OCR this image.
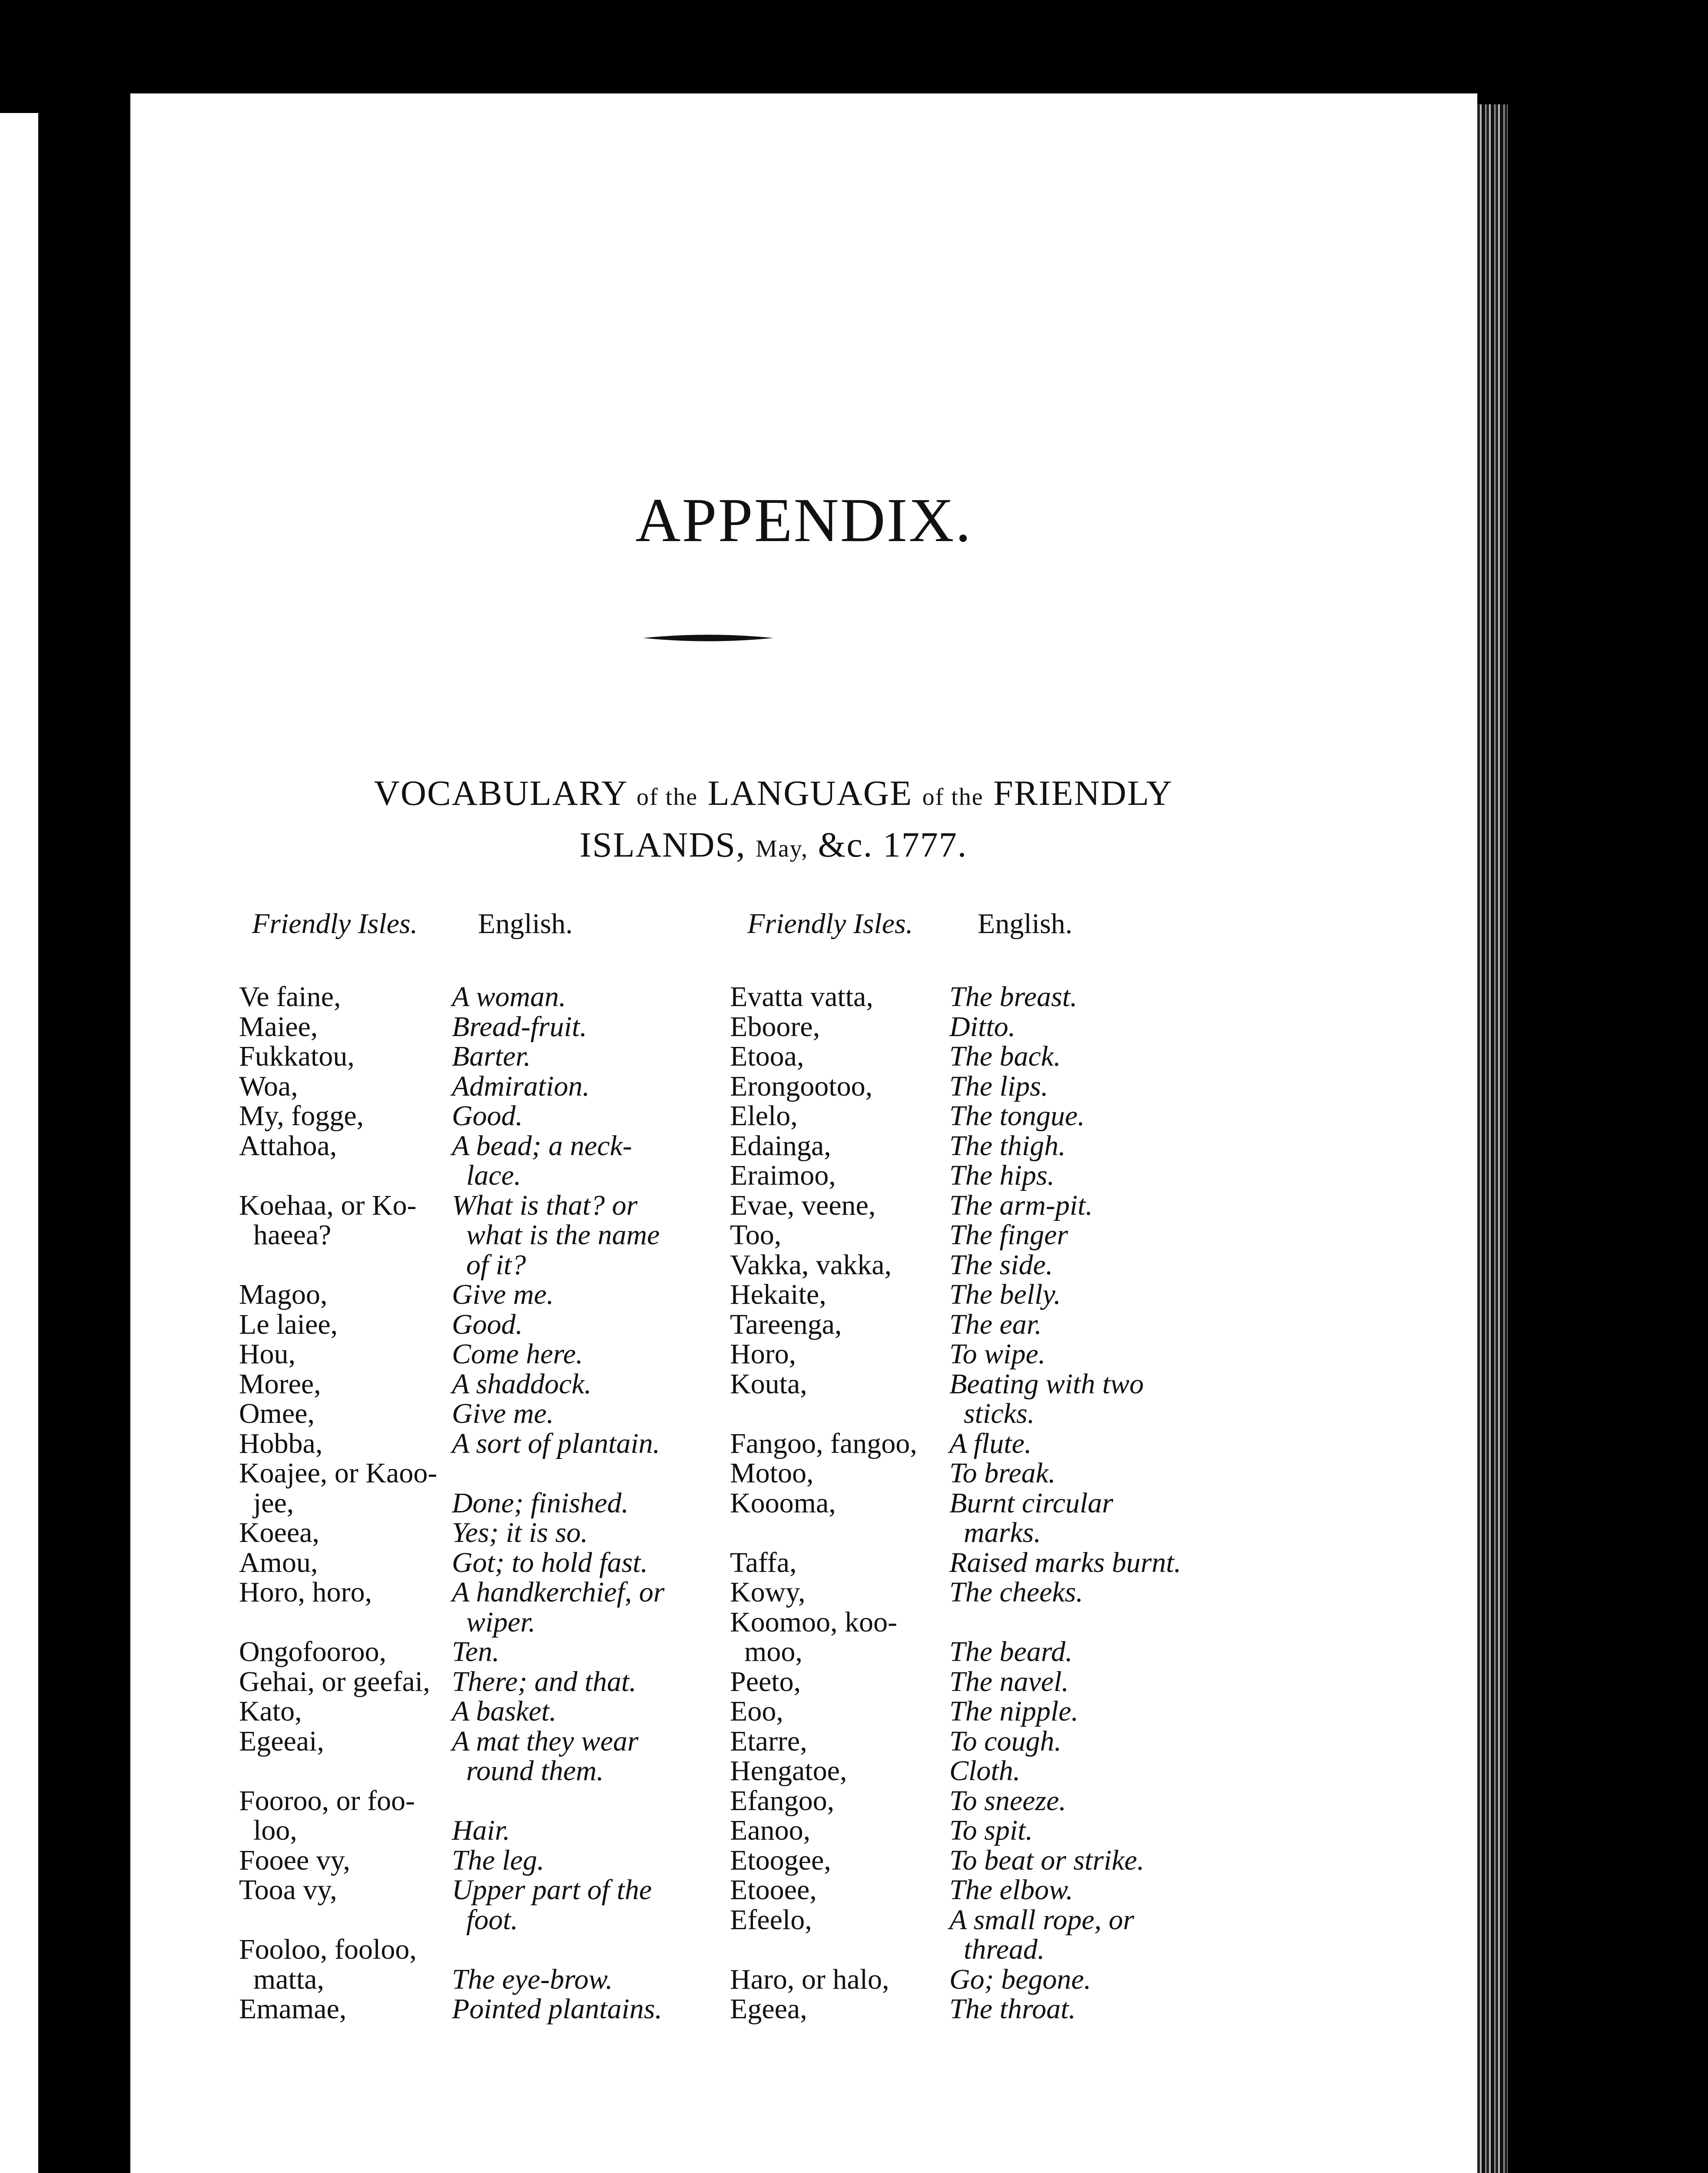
APPENDIX.
VOCABULARY of the LANGUAGE of the FRIENDLY
ISLANDS, May, &c. 1777.
Friendly Isles. English.	Friendly Isles. English.
Ve faine,
Maiee,
Fukkatou,
Woa,
My, fogge,
Attahoa,
Koehaa, or Ko-
haeea?
Magoo,
Le laiee,
Hou,
Moree,
Omee,
Hobba,
Koajee, or Kaoo-
jee,
Koeea,
Amou,
Horo, horo,
Ongofooroo,
Gehai, or geefai,
Kato,
Egeeai,
Fooroo, or foo-
loo,
Fooee vy,
Tooa vy,
Fooloo, fooloo,
matta,
Emamae,
A woman.
Bread-fruit.
Barter.
Admiration.
Good.
A bead; a neck-
lace.
What is that? or
what is the name
of it?
Give me.
Good.
Come here.
A shaddock.
Give me.
A sort of plantain.
Done; finished.
Yes; it is so.
Got; to hold fast.
A handkerchief, or
wiper.
Ten.
There; and that.
A basket.
A mat they wear
round them.
Hair.
The leg.
Upper part of the
foot.
The eye-brow.
Pointed plantains.
Evatta vatta,
Eboore,
Etooa,
Erongootoo,
Elelo,
Edainga,
Eraimoo,
Evae, veene,
Too,
Vakka, vakka,
Hekaite,
Tareenga,
Horo,
Kouta,
Fangoo, fangoo,
Motoo,
Koooma,
Taffa,
Kowy,
Koomoo, koo-
moo,
Peeto,
Eoo,
Etarre,
Hengatoe,
Efangoo,
Eanoo,
Etoogee,
Etooee,
Efeelo,
Haro, or halo,
Egeea,
The breast.
Ditto.
The back.
The lips.
The tongue.
The thigh.
The hips.
The arm-pit.
The finger
The side.
The belly.
The ear.
To wipe.
Beating with two
sticks.
A flute.
To break.
Burnt circular
marks.
Raised marks burnt.
The cheeks.
The beard.
The navel.
The nipple.
To cough.
Cloth.
To sneeze.
To spit.
To beat or strike.
The elbow.
A small rope, or
thread.
Go; begone.
The throat.
